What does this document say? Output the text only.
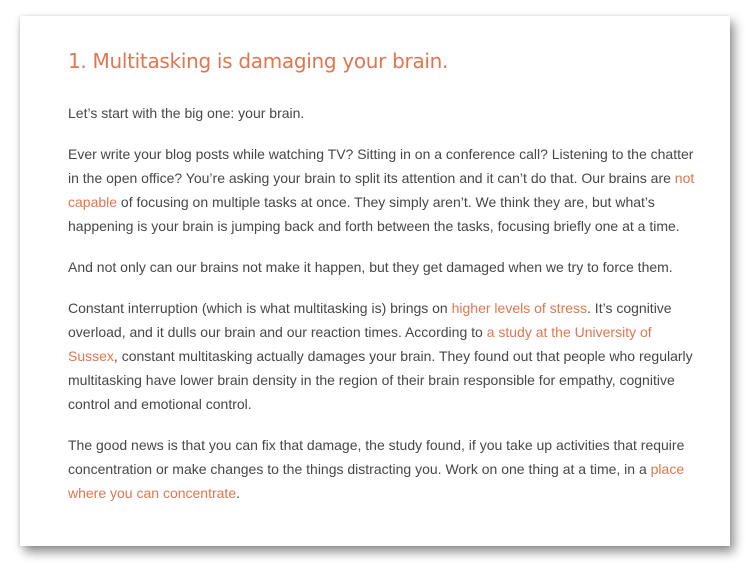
1. Multitasking is damaging your brain.

Let’s start with the big one: your brain.

Ever write your blog posts while watching TV? Sitting in on a conference call? Listening to the chatter in the open office? You’re asking your brain to split its attention and it can’t do that. Our brains are not capable of focusing on multiple tasks at once. They simply aren’t. We think they are, but what’s happening is your brain is jumping back and forth between the tasks, focusing briefly one at a time.

And not only can our brains not make it happen, but they get damaged when we try to force them.

Constant interruption (which is what multitasking is) brings on higher levels of stress. It’s cognitive overload, and it dulls our brain and our reaction times. According to a study at the University of Sussex, constant multitasking actually damages your brain. They found out that people who regularly multitasking have lower brain density in the region of their brain responsible for empathy, cognitive control and emotional control.

The good news is that you can fix that damage, the study found, if you take up activities that require concentration or make changes to the things distracting you. Work on one thing at a time, in a place where you can concentrate.
